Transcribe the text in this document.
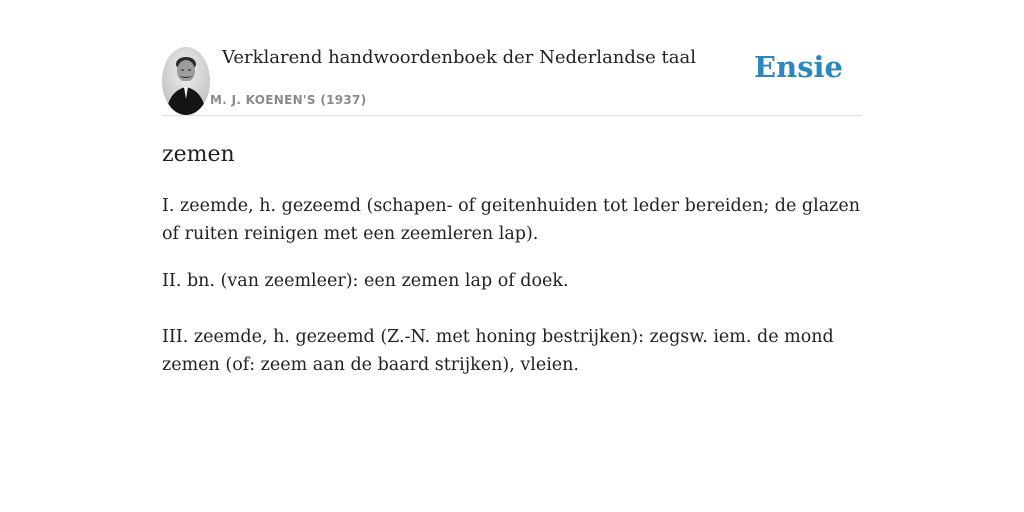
Verklarend handwoordenboek der Nederlandse taal
M. J. KOENEN'S (1937)
Ensie
zemen

I. zeemde, h. gezeemd (schapen- of geitenhuiden tot leder bereiden; de glazen of ruiten reinigen met een zeemleren lap).

II. bn. (van zeemleer): een zemen lap of doek.

III. zeemde, h. gezeemd (Z.-N. met honing bestrijken): zegsw. iem. de mond zemen (of: zeem aan de baard strijken), vleien.
